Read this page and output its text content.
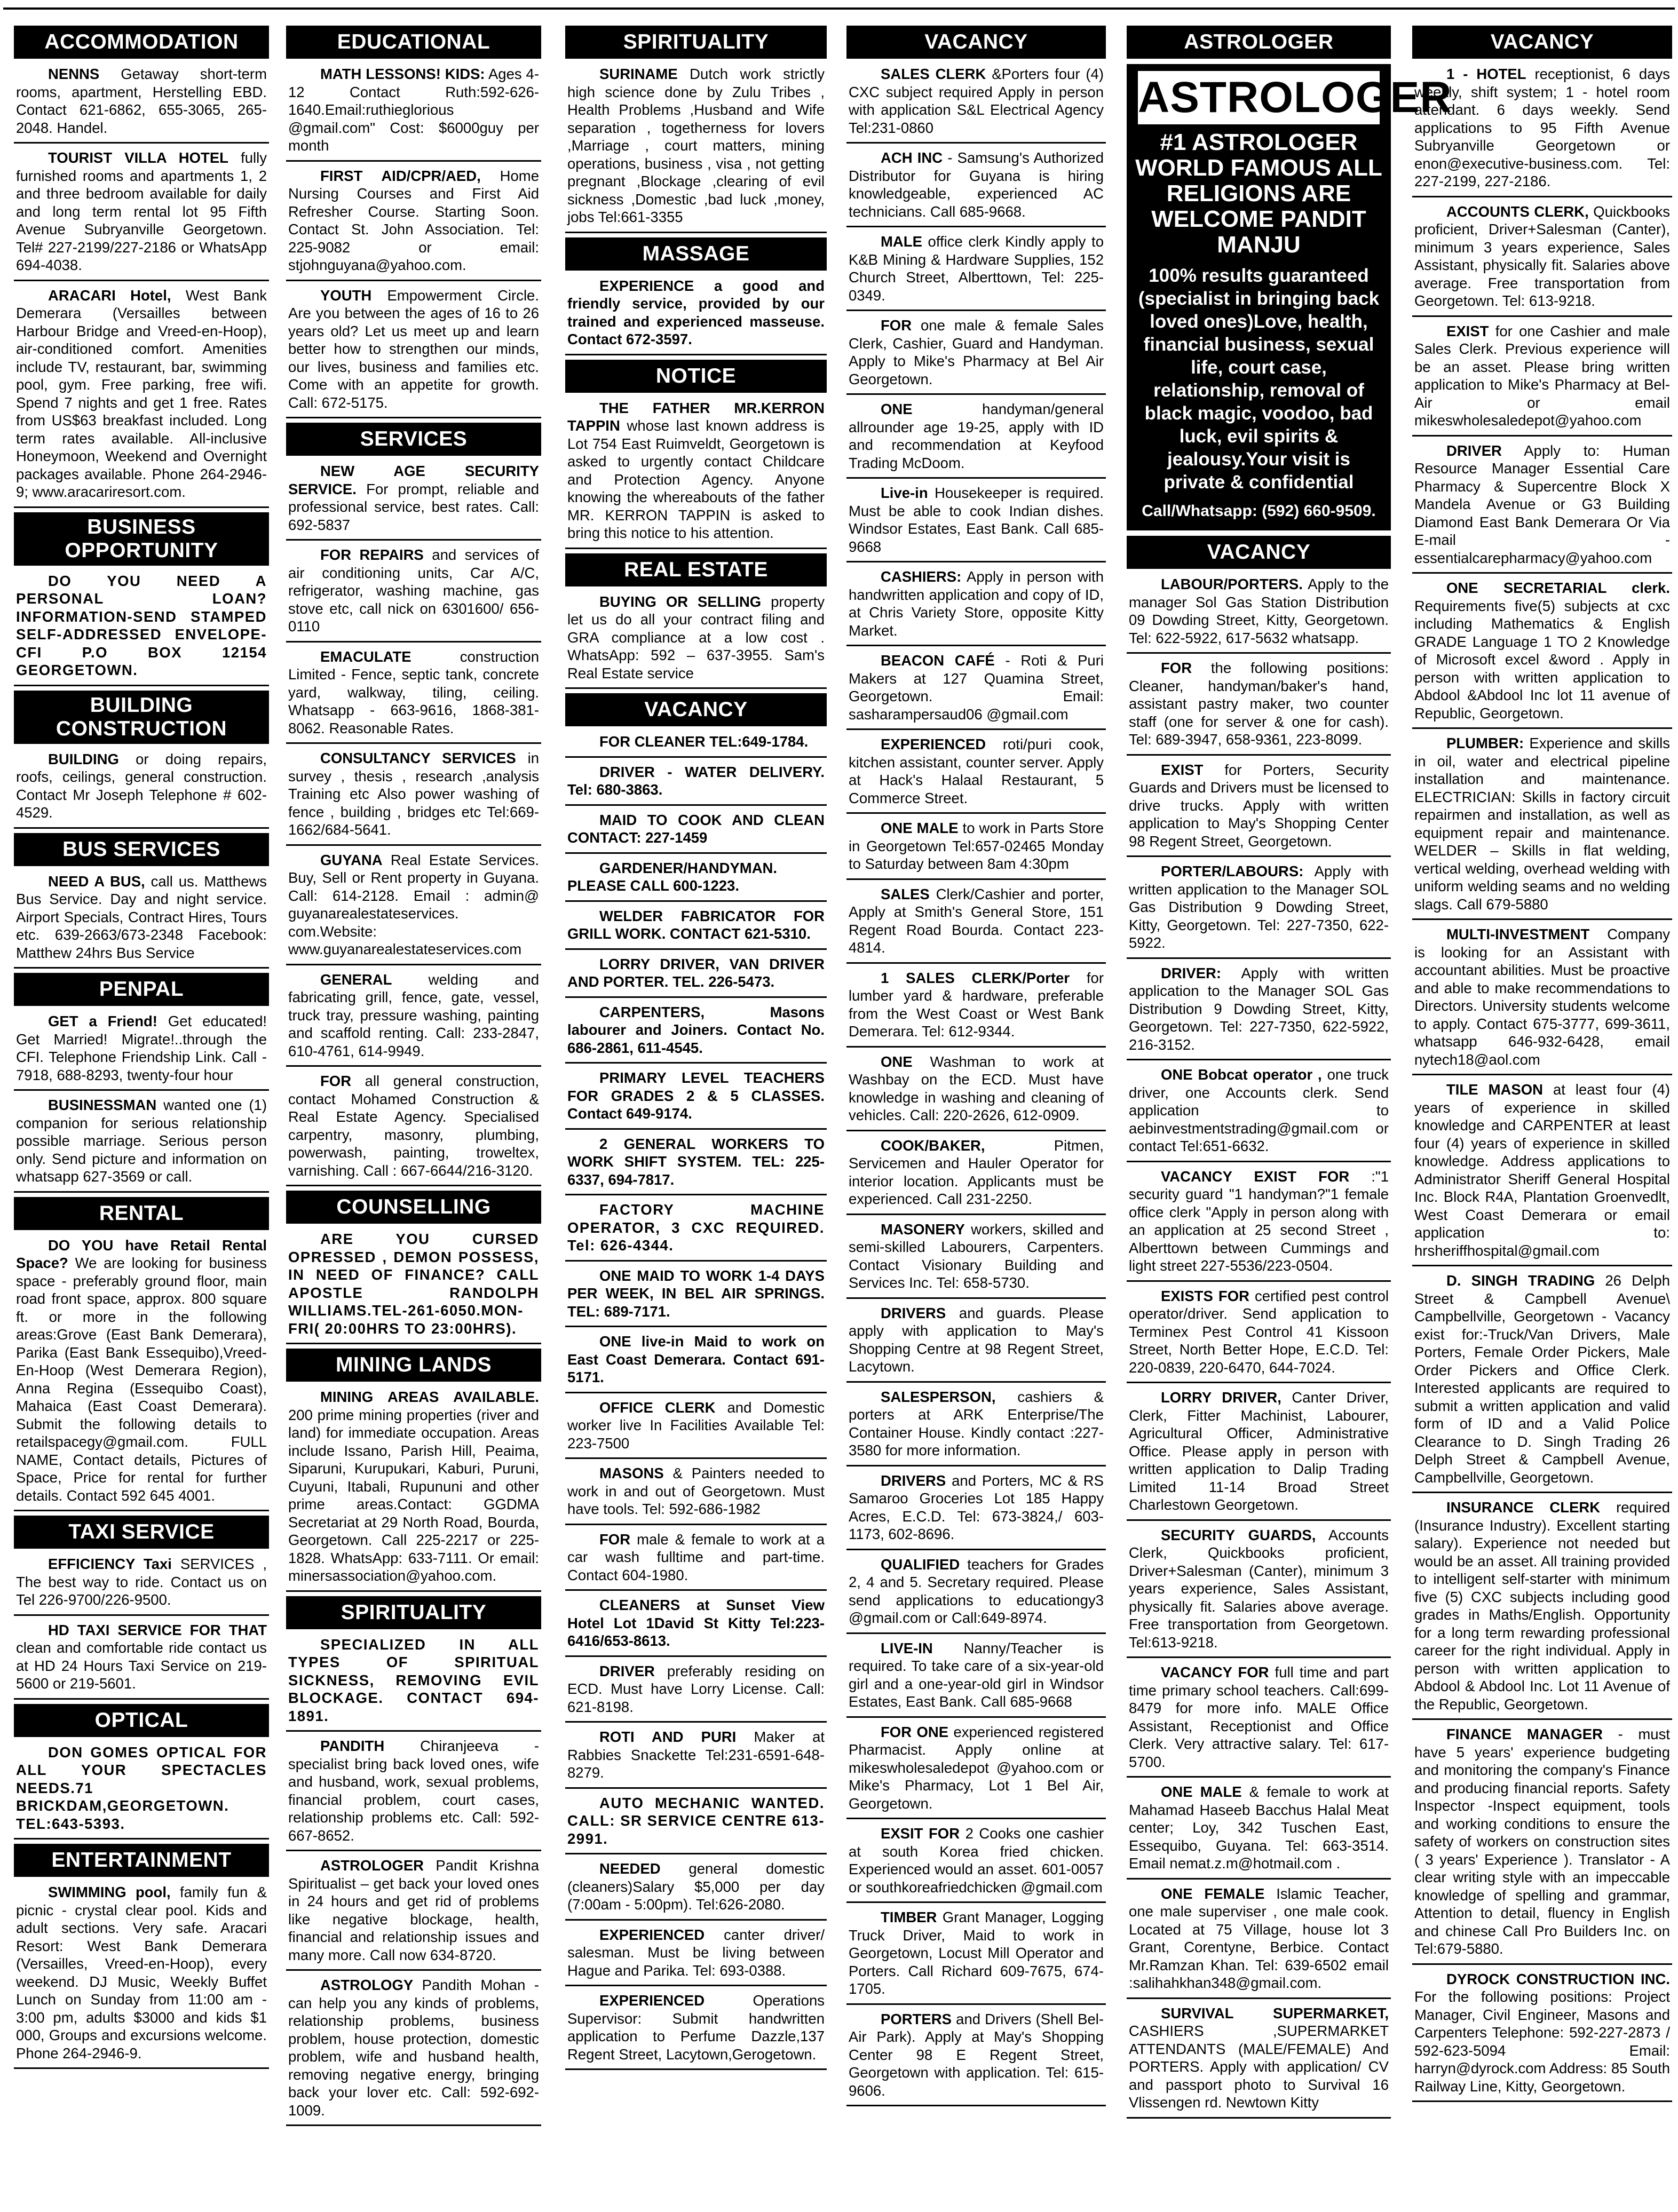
ACCOMMODATION
NENNS Getaway short-term rooms, apartment, Herstelling EBD. Contact 621-6862, 655-3065, 265-2048. Handel.
TOURIST VILLA HOTEL fully furnished rooms and apartments 1, 2 and three bedroom available for daily and long term rental lot 95 Fifth Avenue Subryanville Georgetown. Tel# 227-2199/227-2186 or WhatsApp 694-4038.
ARACARI Hotel, West Bank Demerara (Versailles between Harbour Bridge and Vreed-en-Hoop), air-conditioned comfort. Amenities include TV, restaurant, bar, swimming pool, gym. Free parking, free wifi. Spend 7 nights and get 1 free. Rates from US$63 breakfast included. Long term rates available. All-inclusive Honeymoon, Weekend and Overnight packages available. Phone 264-2946-9; www.aracariresort.com.
BUSINESS OPPORTUNITY
DO YOU NEED A PERSONAL LOAN? INFORMATION-SEND STAMPED SELF-ADDRESSED ENVELOPE- CFI P.O BOX 12154 GEORGETOWN.
BUILDING CONSTRUCTION
BUILDING or doing repairs, roofs, ceilings, general construction. Contact Mr Joseph Telephone # 602-4529.
BUS SERVICES
NEED A BUS, call us. Matthews Bus Service. Day and night service. Airport Specials, Contract Hires, Tours etc. 639-2663/673-2348 Facebook: Matthew 24hrs Bus Service
PENPAL
GET a Friend! Get educated! Get Married! Migrate!..through the CFI. Telephone Friendship Link. Call - 7918, 688-8293, twenty-four hour
BUSINESSMAN wanted one (1) companion for serious relationship possible marriage. Serious person only. Send picture and information on whatsapp 627-3569 or call.
RENTAL
DO YOU have Retail Rental Space? We are looking for business space - preferably ground floor, main road front space, approx. 800 square ft. or more in the following areas:Grove (East Bank Demerara), Parika (East Bank Essequibo),Vreed-En-Hoop (West Demerara Region), Anna Regina (Essequibo Coast), Mahaica (East Coast Demerara). Submit the following details to retailspacegy@gmail.com. FULL NAME, Contact details, Pictures of Space, Price for rental for further details. Contact 592 645 4001.
TAXI SERVICE
EFFICIENCY Taxi SERVICES , The best way to ride. Contact us on Tel 226-9700/226-9500.
HD TAXI SERVICE FOR THAT clean and comfortable ride contact us at HD 24 Hours Taxi Service on 219-5600 or 219-5601.
OPTICAL
DON GOMES OPTICAL FOR ALL YOUR SPECTACLES NEEDS.71 BRICKDAM,GEORGETOWN. TEL:643-5393.
ENTERTAINMENT
SWIMMING pool, family fun & picnic - crystal clear pool. Kids and adult sections. Very safe. Aracari Resort: West Bank Demerara (Versailles, Vreed-en-Hoop), every weekend. DJ Music, Weekly Buffet Lunch on Sunday from 11:00 am - 3:00 pm, adults $3000 and kids $1 000, Groups and excursions welcome. Phone 264-2946-9.
EDUCATIONAL
MATH LESSONS! KIDS: Ages 4-12 Contact Ruth:592-626-1640.Email:ruthieglorious @gmail.com" Cost: $6000guy per month
FIRST AID/CPR/AED, Home Nursing Courses and First Aid Refresher Course. Starting Soon. Contact St. John Association. Tel: 225-9082 or email: stjohnguyana@yahoo.com.
YOUTH Empowerment Circle. Are you between the ages of 16 to 26 years old? Let us meet up and learn better how to strengthen our minds, our lives, business and families etc. Come with an appetite for growth. Call: 672-5175.
SERVICES
NEW AGE SECURITY SERVICE. For prompt, reliable and professional service, best rates. Call: 692-5837
FOR REPAIRS and services of air conditioning units, Car A/C, refrigerator, washing machine, gas stove etc, call nick on 6301600/ 656-0110
EMACULATE construction Limited - Fence, septic tank, concrete yard, walkway, tiling, ceiling. Whatsapp - 663-9616, 1868-381-8062. Reasonable Rates.
CONSULTANCY SERVICES in survey , thesis , research ,analysis Training etc Also power washing of fence , building , bridges etc Tel:669-1662/684-5641.
GUYANA Real Estate Services. Buy, Sell or Rent property in Guyana. Call: 614-2128. Email : admin@ guyanarealestateservices. com.Website: www.guyanarealestateservices.com
GENERAL welding and fabricating grill, fence, gate, vessel, truck tray, pressure washing, painting and scaffold renting. Call: 233-2847, 610-4761, 614-9949.
FOR all general construction, contact Mohamed Construction & Real Estate Agency. Specialised carpentry, masonry, plumbing, powerwash, painting, troweltex, varnishing. Call : 667-6644/216-3120.
COUNSELLING
ARE YOU CURSED OPRESSED , DEMON POSSESS, IN NEED OF FINANCE? CALL APOSTLE RANDOLPH WILLIAMS.TEL-261-6050.MON-FRI( 20:00HRS TO 23:00HRS).
MINING LANDS
MINING AREAS AVAILABLE. 200 prime mining properties (river and land) for immediate occupation. Areas include Issano, Parish Hill, Peaima, Siparuni, Kurupukari, Kaburi, Puruni, Cuyuni, Itabali, Rupununi and other prime areas.Contact: GGDMA Secretariat at 29 North Road, Bourda, Georgetown. Call 225-2217 or 225-1828. WhatsApp: 633-7111. Or email: minersassociation@yahoo.com.
SPIRITUALITY
SPECIALIZED IN ALL TYPES OF SPIRITUAL SICKNESS, REMOVING EVIL BLOCKAGE. CONTACT 694-1891.
PANDITH Chiranjeeva - specialist bring back loved ones, wife and husband, work, sexual problems, financial problem, court cases, relationship problems etc. Call: 592-667-8652.
ASTROLOGER Pandit Krishna Spiritualist – get back your loved ones in 24 hours and get rid of problems like negative blockage, health, financial and relationship issues and many more. Call now 634-8720.
ASTROLOGY Pandith Mohan - can help you any kinds of problems, relationship problems, business problem, house protection, domestic problem, wife and husband health, removing negative energy, bringing back your lover etc. Call: 592-692-1009.
SPIRITUALITY
SURINAME Dutch work strictly high science done by Zulu Tribes , Health Problems ,Husband and Wife separation , togetherness for lovers ,Marriage , court matters, mining operations, business , visa , not getting pregnant ,Blockage ,clearing of evil sickness ,Domestic ,bad luck ,money, jobs Tel:661-3355
MASSAGE
EXPERIENCE a good and friendly service, provided by our trained and experienced masseuse. Contact 672-3597.
NOTICE
THE FATHER MR.KERRON TAPPIN whose last known address is Lot 754 East Ruimveldt, Georgetown is asked to urgently contact Childcare and Protection Agency. Anyone knowing the whereabouts of the father MR. KERRON TAPPIN is asked to bring this notice to his attention.
REAL ESTATE
BUYING OR SELLING property let us do all your contract filing and GRA compliance at a low cost . WhatsApp: 592 – 637-3955. Sam's Real Estate service
VACANCY
FOR CLEANER TEL:649-1784.
DRIVER - WATER DELIVERY. Tel: 680-3863.
MAID TO COOK AND CLEAN CONTACT: 227-1459
GARDENER/HANDYMAN. PLEASE CALL 600-1223.
WELDER FABRICATOR FOR GRILL WORK. CONTACT 621-5310.
LORRY DRIVER, VAN DRIVER AND PORTER. TEL. 226-5473.
CARPENTERS, Masons labourer and Joiners. Contact No. 686-2861, 611-4545.
PRIMARY LEVEL TEACHERS FOR GRADES 2 & 5 CLASSES. Contact 649-9174.
2 GENERAL WORKERS TO WORK SHIFT SYSTEM. TEL: 225-6337, 694-7817.
FACTORY MACHINE OPERATOR, 3 CXC REQUIRED. Tel: 626-4344.
ONE MAID TO WORK 1-4 DAYS PER WEEK, IN BEL AIR SPRINGS. TEL: 689-7171.
ONE live-in Maid to work on East Coast Demerara. Contact 691-5171.
OFFICE CLERK and Domestic worker live In Facilities Available Tel: 223-7500
MASONS & Painters needed to work in and out of Georgetown. Must have tools. Tel: 592-686-1982
FOR male & female to work at a car wash fulltime and part-time. Contact 604-1980.
CLEANERS at Sunset View Hotel Lot 1David St Kitty Tel:223-6416/653-8613.
DRIVER preferably residing on ECD. Must have Lorry License. Call: 621-8198.
ROTI AND PURI Maker at Rabbies Snackette Tel:231-6591-648-8279.
AUTO MECHANIC WANTED. CALL: SR SERVICE CENTRE 613-2991.
NEEDED general domestic (cleaners)Salary $5,000 per day (7:00am - 5:00pm). Tel:626-2080.
EXPERIENCED canter driver/ salesman. Must be living between Hague and Parika. Tel: 693-0388.
EXPERIENCED Operations Supervisor: Submit handwritten application to Perfume Dazzle,137 Regent Street, Lacytown,Gerogetown.
VACANCY
SALES CLERK &Porters four (4) CXC subject required Apply in person with application S&L Electrical Agency Tel:231-0860
ACH INC - Samsung's Authorized Distributor for Guyana is hiring knowledgeable, experienced AC technicians. Call 685-9668.
MALE office clerk Kindly apply to K&B Mining & Hardware Supplies, 152 Church Street, Alberttown, Tel: 225-0349.
FOR one male & female Sales Clerk, Cashier, Guard and Handyman. Apply to Mike's Pharmacy at Bel Air Georgetown.
ONE handyman/general allrounder age 19-25, apply with ID and recommendation at Keyfood Trading McDoom.
Live-in Housekeeper is required. Must be able to cook Indian dishes. Windsor Estates, East Bank. Call 685-9668
CASHIERS: Apply in person with handwritten application and copy of ID, at Chris Variety Store, opposite Kitty Market.
BEACON CAFÉ - Roti & Puri Makers at 127 Quamina Street, Georgetown. Email: sasharampersaud06 @gmail.com
EXPERIENCED roti/puri cook, kitchen assistant, counter server. Apply at Hack's Halaal Restaurant, 5 Commerce Street.
ONE MALE to work in Parts Store in Georgetown Tel:657-02465 Monday to Saturday between 8am 4:30pm
SALES Clerk/Cashier and porter, Apply at Smith's General Store, 151 Regent Road Bourda. Contact 223-4814.
1 SALES CLERK/Porter for lumber yard & hardware, preferable from the West Coast or West Bank Demerara. Tel: 612-9344.
ONE Washman to work at Washbay on the ECD. Must have knowledge in washing and cleaning of vehicles. Call: 220-2626, 612-0909.
COOK/BAKER, Pitmen, Servicemen and Hauler Operator for interior location. Applicants must be experienced. Call 231-2250.
MASONERY workers, skilled and semi-skilled Labourers, Carpenters. Contact Visionary Building and Services Inc. Tel: 658-5730.
DRIVERS and guards. Please apply with application to May's Shopping Centre at 98 Regent Street, Lacytown.
SALESPERSON, cashiers & porters at ARK Enterprise/The Container House. Kindly contact :227-3580 for more information.
DRIVERS and Porters, MC & RS Samaroo Groceries Lot 185 Happy Acres, E.C.D. Tel: 673-3824,/ 603-1173, 602-8696.
QUALIFIED teachers for Grades 2, 4 and 5. Secretary required. Please send applications to educationgy3 @gmail.com or Call:649-8974.
LIVE-IN Nanny/Teacher is required. To take care of a six-year-old girl and a one-year-old girl in Windsor Estates, East Bank. Call 685-9668
FOR ONE experienced registered Pharmacist. Apply online at mikeswholesaledepot @yahoo.com or Mike's Pharmacy, Lot 1 Bel Air, Georgetown.
EXSIT FOR 2 Cooks one cashier at south Korea fried chicken. Experienced would an asset. 601-0057 or southkoreafriedchicken @gmail.com
TIMBER Grant Manager, Logging Truck Driver, Maid to work in Georgetown, Locust Mill Operator and Porters. Call Richard 609-7675, 674-1705.
PORTERS and Drivers (Shell Bel-Air Park). Apply at May's Shopping Center 98 E Regent Street, Georgetown with application. Tel: 615-9606.
ASTROLOGER
ASTROLOGER
#1 ASTROLOGER WORLD FAMOUS ALL RELIGIONS ARE WELCOME PANDIT MANJU
100% results guaranteed (specialist in bringing back loved ones)Love, health, financial business, sexual life, court case, relationship, removal of black magic, voodoo, bad luck, evil spirits & jealousy.Your visit is private & confidential
Call/Whatsapp: (592) 660-9509.
VACANCY
LABOUR/PORTERS. Apply to the manager Sol Gas Station Distribution 09 Dowding Street, Kitty, Georgetown. Tel: 622-5922, 617-5632 whatsapp.
FOR the following positions: Cleaner, handyman/baker's hand, assistant pastry maker, two counter staff (one for server & one for cash). Tel: 689-3947, 658-9361, 223-8099.
EXIST for Porters, Security Guards and Drivers must be licensed to drive trucks. Apply with written application to May's Shopping Center 98 Regent Street, Georgetown.
PORTER/LABOURS: Apply with written application to the Manager SOL Gas Distribution 9 Dowding Street, Kitty, Georgetown. Tel: 227-7350, 622-5922.
DRIVER: Apply with written application to the Manager SOL Gas Distribution 9 Dowding Street, Kitty, Georgetown. Tel: 227-7350, 622-5922, 216-3152.
ONE Bobcat operator , one truck driver, one Accounts clerk. Send application to aebinvestmentstrading@gmail.com or contact Tel:651-6632.
VACANCY EXIST FOR :"1 security guard "1 handyman?"1 female office clerk "Apply in person along with an application at 25 second Street , Alberttown between Cummings and light street 227-5536/223-0504.
EXISTS FOR certified pest control operator/driver. Send application to Terminex Pest Control 41 Kissoon Street, North Better Hope, E.C.D. Tel: 220-0839, 220-6470, 644-7024.
LORRY DRIVER, Canter Driver, Clerk, Fitter Machinist, Labourer, Agricultural Officer, Administrative Office. Please apply in person with written application to Dalip Trading Limited 11-14 Broad Street Charlestown Georgetown.
SECURITY GUARDS, Accounts Clerk, Quickbooks proficient, Driver+Salesman (Canter), minimum 3 years experience, Sales Assistant, physically fit. Salaries above average. Free transportation from Georgetown. Tel:613-9218.
VACANCY FOR full time and part time primary school teachers. Call:699-8479 for more info. MALE Office Assistant, Receptionist and Office Clerk. Very attractive salary. Tel: 617-5700.
ONE MALE & female to work at Mahamad Haseeb Bacchus Halal Meat center; Loy, 342 Tuschen East, Essequibo, Guyana. Tel: 663-3514. Email nemat.z.m@hotmail.com .
ONE FEMALE Islamic Teacher, one male superviser , one male cook. Located at 75 Village, house lot 3 Grant, Corentyne, Berbice. Contact Mr.Ramzan Khan. Tel: 639-6502 email :salihahkhan348@gmail.com.
SURVIVAL SUPERMARKET, CASHIERS ,SUPERMARKET ATTENDANTS (MALE/FEMALE) And PORTERS. Apply with application/ CV and passport photo to Survival 16 Vlissengen rd. Newtown Kitty
VACANCY
1 - HOTEL receptionist, 6 days weekly, shift system; 1 - hotel room attendant. 6 days weekly. Send applications to 95 Fifth Avenue Subryanville Georgetown or enon@executive-business.com. Tel: 227-2199, 227-2186.
ACCOUNTS CLERK, Quickbooks proficient, Driver+Salesman (Canter), minimum 3 years experience, Sales Assistant, physically fit. Salaries above average. Free transportation from Georgetown. Tel: 613-9218.
EXIST for one Cashier and male Sales Clerk. Previous experience will be an asset. Please bring written application to Mike's Pharmacy at Bel-Air or email mikeswholesaledepot@yahoo.com
DRIVER Apply to: Human Resource Manager Essential Care Pharmacy & Supercentre Block X Mandela Avenue or G3 Building Diamond East Bank Demerara Or Via E-mail - essentialcarepharmacy@yahoo.com
ONE SECRETARIAL clerk. Requirements five(5) subjects at cxc including Mathematics & English GRADE Language 1 TO 2 Knowledge of Microsoft excel &word . Apply in person with written application to Abdool &Abdool Inc lot 11 avenue of Republic, Georgetown.
PLUMBER: Experience and skills in oil, water and electrical pipeline installation and maintenance. ELECTRICIAN: Skills in factory circuit repairmen and installation, as well as equipment repair and maintenance. WELDER – Skills in flat welding, vertical welding, overhead welding with uniform welding seams and no welding slags. Call 679-5880
MULTI-INVESTMENT Company is looking for an Assistant with accountant abilities. Must be proactive and able to make recommendations to Directors. University students welcome to apply. Contact 675-3777, 699-3611, whatsapp 646-932-6428, email nytech18@aol.com
TILE MASON at least four (4) years of experience in skilled knowledge and CARPENTER at least four (4) years of experience in skilled knowledge. Address applications to Administrator Sheriff General Hospital Inc. Block R4A, Plantation Groenvedlt, West Coast Demerara or email application to: hrsheriffhospital@gmail.com
D. SINGH TRADING 26 Delph Street & Campbell Avenue\ Campbellville, Georgetown - Vacancy exist for:-Truck/Van Drivers, Male Porters, Female Order Pickers, Male Order Pickers and Office Clerk. Interested applicants are required to submit a written application and valid form of ID and a Valid Police Clearance to D. Singh Trading 26 Delph Street & Campbell Avenue, Campbellville, Georgetown.
INSURANCE CLERK required (Insurance Industry). Excellent starting salary). Experience not needed but would be an asset. All training provided to intelligent self-starter with minimum five (5) CXC subjects including good grades in Maths/English. Opportunity for a long term rewarding professional career for the right individual. Apply in person with written application to Abdool & Abdool Inc. Lot 11 Avenue of the Republic, Georgetown.
FINANCE MANAGER - must have 5 years' experience budgeting and monitoring the company's Finance and producing financial reports. Safety Inspector -Inspect equipment, tools and working conditions to ensure the safety of workers on construction sites ( 3 years' Experience ). Translator - A clear writing style with an impeccable knowledge of spelling and grammar, Attention to detail, fluency in English and chinese Call Pro Builders Inc. on Tel:679-5880.
DYROCK CONSTRUCTION INC. For the following positions: Project Manager, Civil Engineer, Masons and Carpenters Telephone: 592-227-2873 / 592-623-5094 Email: harryn@dyrock.com Address: 85 South Railway Line, Kitty, Georgetown.
